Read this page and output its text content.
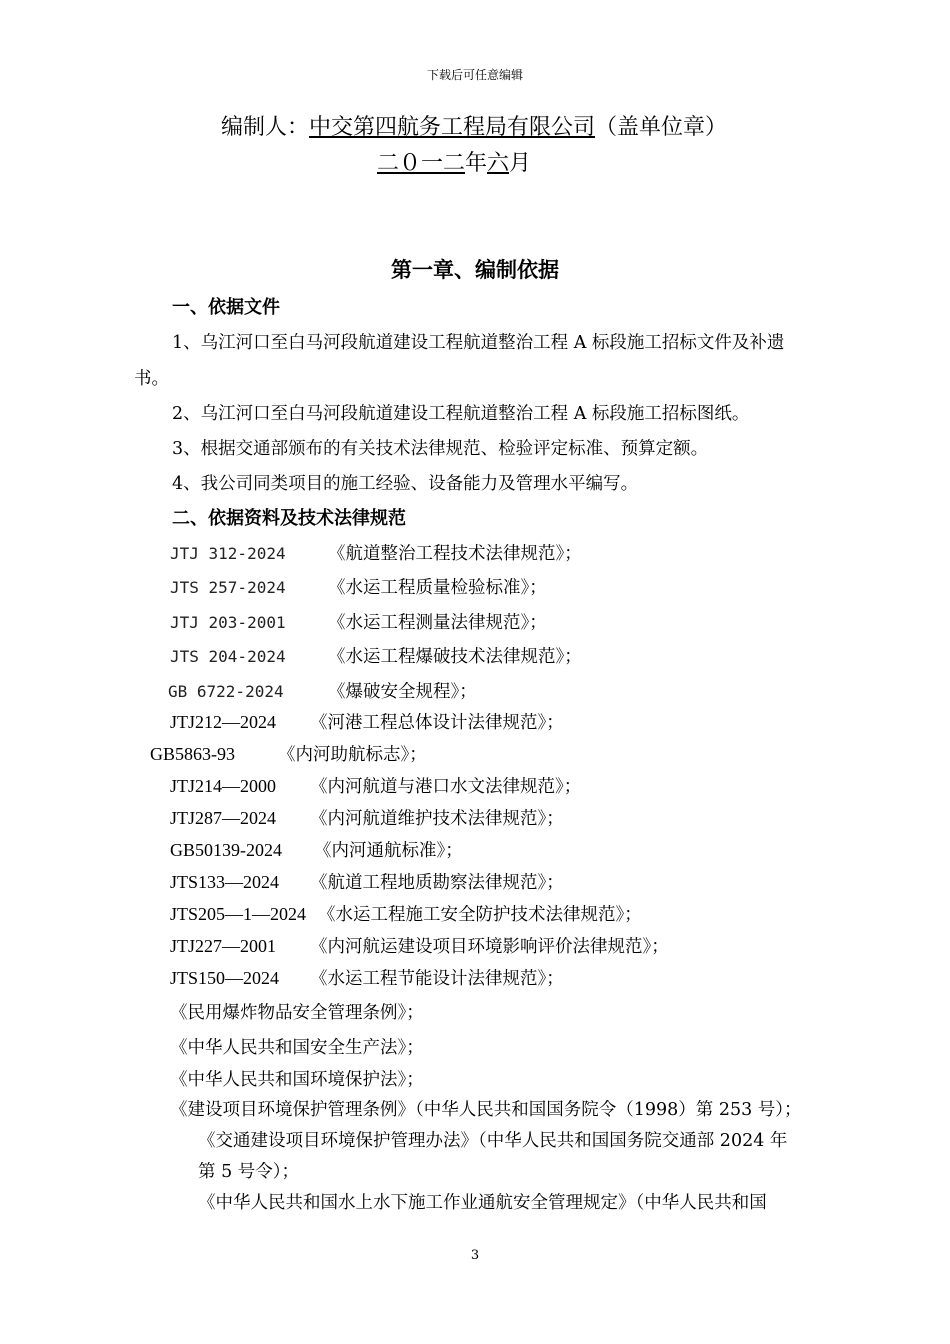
下载后可任意编辑
编制人：中交第四航务工程局有限公司（盖单位章）
二０一二年六月
第一章、编制依据
一、依据文件
1、乌江河口至白马河段航道建设工程航道整治工程 A 标段施工招标文件及补遗
书。
2、乌江河口至白马河段航道建设工程航道整治工程 A 标段施工招标图纸。
3、根据交通部颁布的有关技术法律规范、检验评定标准、预算定额。
4、我公司同类项目的施工经验、设备能力及管理水平编写。
二、依据资料及技术法律规范
JTJ 312-2024 《航道整治工程技术法律规范》；
JTS 257-2024 《水运工程质量检验标准》；
JTJ 203-2001 《水运工程测量法律规范》；
JTS 204-2024 《水运工程爆破技术法律规范》；
GB 6722-2024	《爆破安全规程》；
JTJ212—2024 《河港工程总体设计法律规范》；
GB5863-93 《内河助航标志》；
JTJ214—2000 《内河航道与港口水文法律规范》；
JTJ287—2024 《内河航道维护技术法律规范》；
GB50139-2024 《内河通航标准》；
JTS133—2024 《航道工程地质勘察法律规范》；
JTS205—1—2024 《水运工程施工安全防护技术法律规范》；
JTJ227—2001 《内河航运建设项目环境影响评价法律规范》；
JTS150—2024 《水运工程节能设计法律规范》；
《民用爆炸物品安全管理条例》；
《中华人民共和国安全生产法》；
《中华人民共和国环境保护法》；
《建设项目环境保护管理条例》（中华人民共和国国务院令（1998）第 253 号）；
《交通建设项目环境保护管理办法》（中华人民共和国国务院交通部 2024 年
第 5 号令）；
《中华人民共和国水上水下施工作业通航安全管理规定》（中华人民共和国
3
